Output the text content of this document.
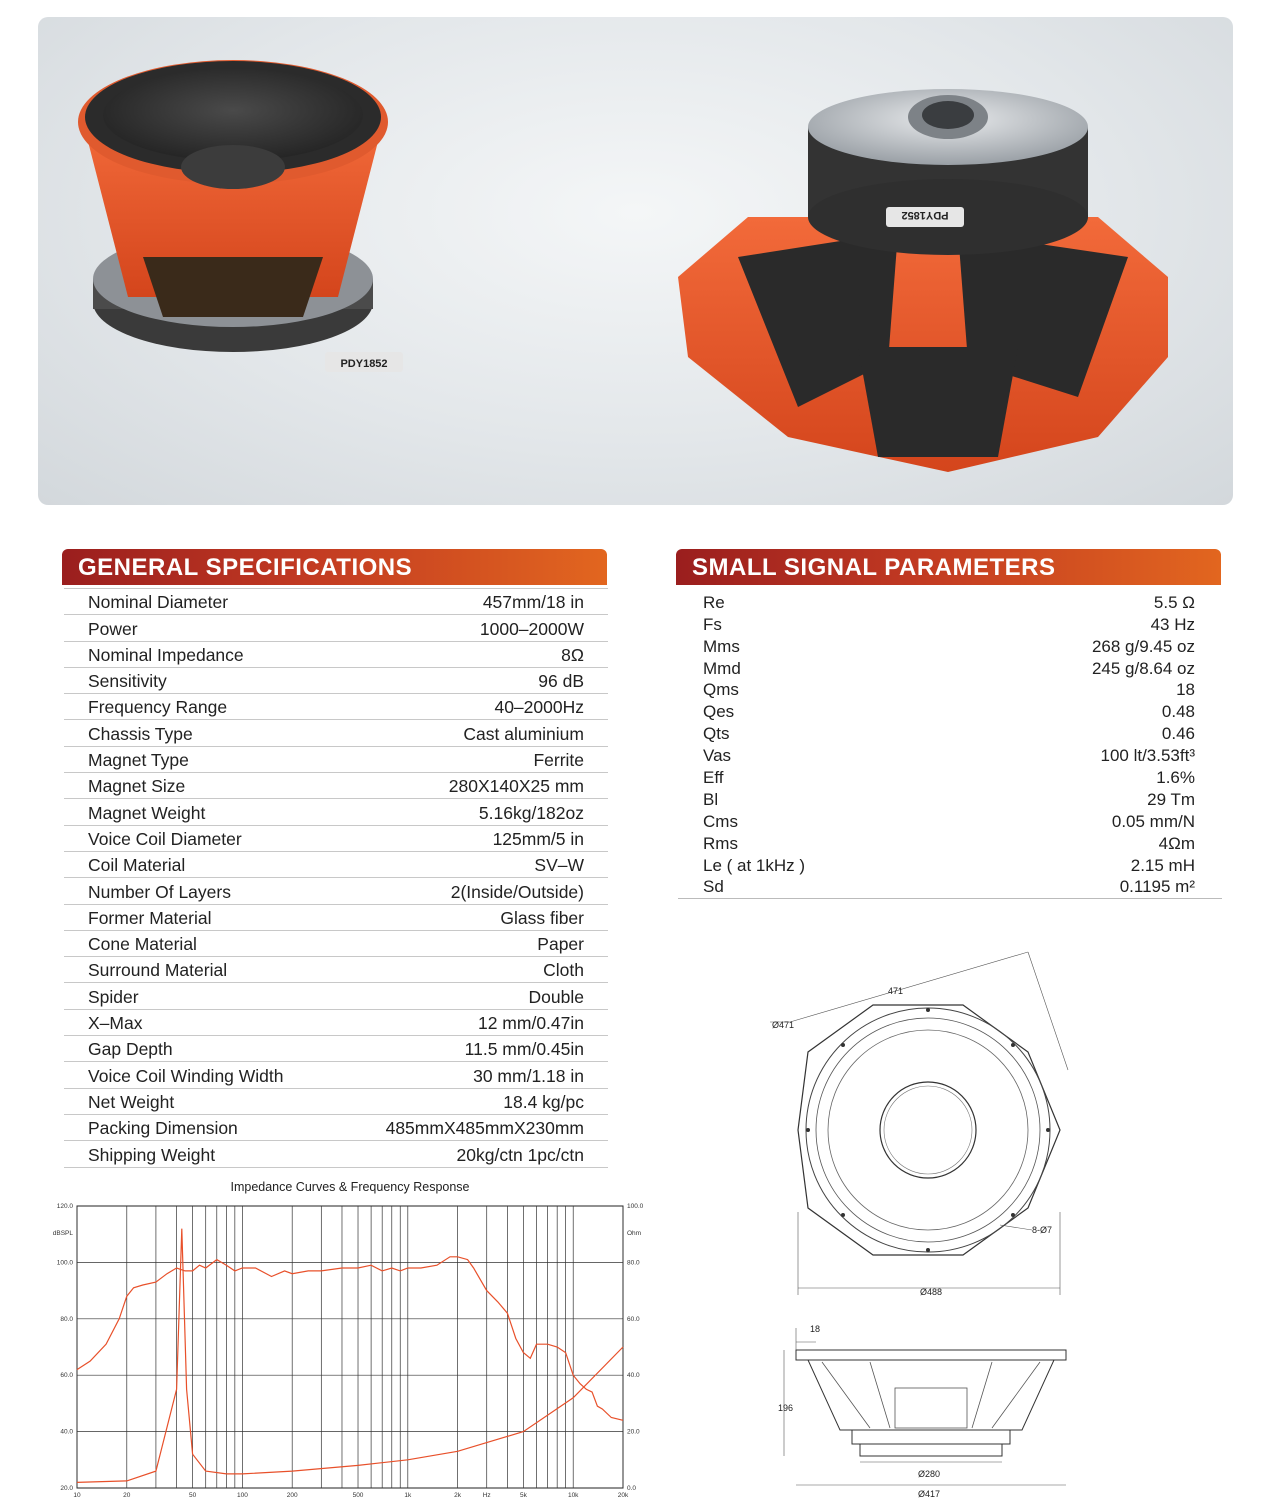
PDY1852
PDY1852
GENERAL SPECIFICATIONS
Nominal Diameter	457mm/18 in
Power	1000–2000W
Nominal Impedance	8Ω
Sensitivity	96 dB
Frequency Range	40–2000Hz
Chassis Type	Cast aluminium
Magnet Type	Ferrite
Magnet Size	280X140X25 mm
Magnet Weight	5.16kg/182oz
Voice Coil Diameter	125mm/5 in
Coil Material	SV–W
Number Of Layers	2(Inside/Outside)
Former Material	Glass fiber
Cone Material	Paper
Surround Material	Cloth
Spider	Double
X–Max	12 mm/0.47in
Gap Depth	11.5 mm/0.45in
Voice Coil Winding Width	30 mm/1.18 in
Net Weight	18.4 kg/pc
Packing Dimension	485mmX485mmX230mm
Shipping Weight	20kg/ctn 1pc/ctn
SMALL SIGNAL PARAMETERS
Re	5.5 Ω
Fs	43 Hz
Mms	268 g/9.45 oz
Mmd	245 g/8.64 oz
Qms	18
Qes	0.48
Qts	0.46
Vas	100 lt/3.53ft³
Eff	1.6%
Bl	29 Tm
Cms	0.05 mm/N
Rms	4Ωm
Le ( at 1kHz )	2.15 mH
Sd	0.1195 m²
Impedance Curves & Frequency Response
10	20	50	100	200	500	1k	2k	Hz	5k	10k	20k
20.0
40.0
60.0
80.0
100.0
120.0
0.0
20.0
40.0
60.0
80.0
100.0
dBSPL	Ohm
471
Ø471
8-Ø7
Ø488
18
196
Ø280
Ø417
